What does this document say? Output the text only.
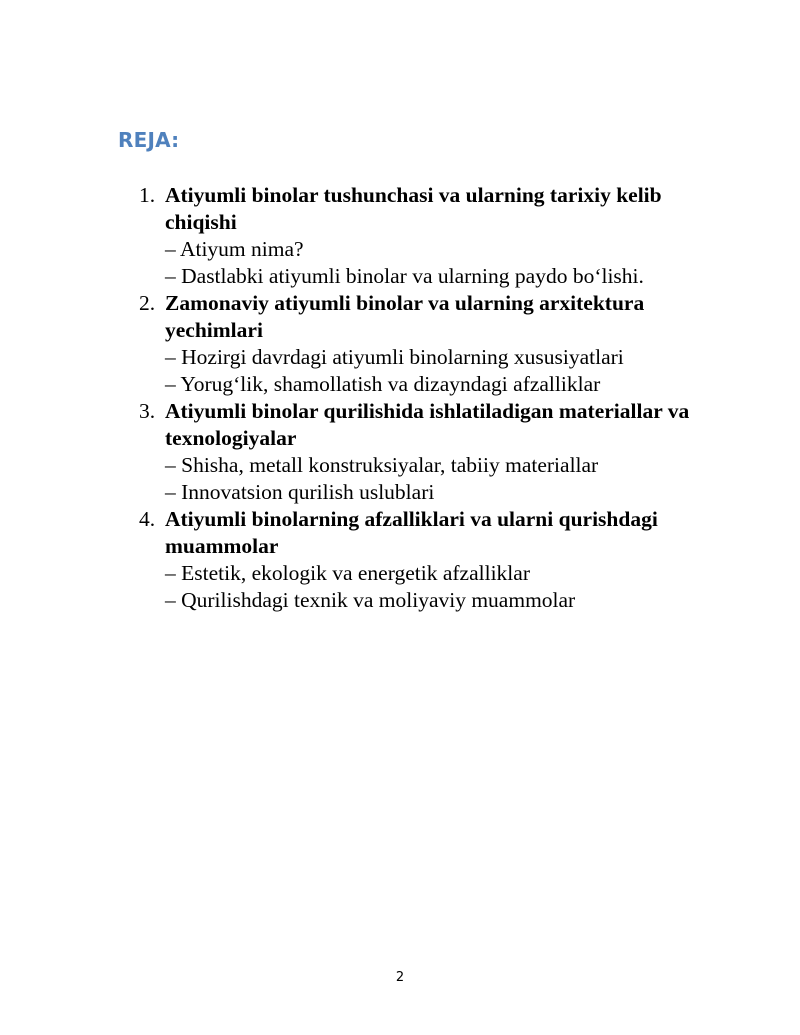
REJA:
1. Atiyumli binolar tushunchasi va ularning tarixiy kelib chiqishi
– Atiyum nima?
– Dastlabki atiyumli binolar va ularning paydo bo‘lishi.
2. Zamonaviy atiyumli binolar va ularning arxitektura yechimlari
– Hozirgi davrdagi atiyumli binolarning xususiyatlari
– Yorug‘lik, shamollatish va dizayndagi afzalliklar
3. Atiyumli binolar qurilishida ishlatiladigan materiallar va texnologiyalar
– Shisha, metall konstruksiyalar, tabiiy materiallar
– Innovatsion qurilish uslublari
4. Atiyumli binolarning afzalliklari va ularni qurishdagi muammolar
– Estetik, ekologik va energetik afzalliklar
– Qurilishdagi texnik va moliyaviy muammolar
2
